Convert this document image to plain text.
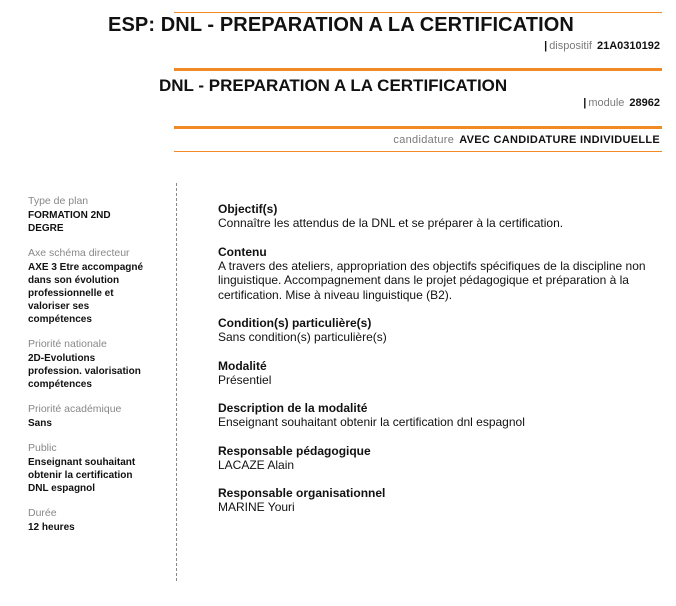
ESP: DNL - PREPARATION A LA CERTIFICATION
| dispositif 21A0310192
DNL - PREPARATION A LA CERTIFICATION
| module 28962
candidature AVEC CANDIDATURE INDIVIDUELLE
Type de plan
FORMATION 2ND DEGRE
Axe schéma directeur
AXE 3 Etre accompagné dans son évolution professionnelle et valoriser ses compétences
Priorité nationale
2D-Evolutions profession. valorisation compétences
Priorité académique
Sans
Public
Enseignant souhaitant obtenir la certification DNL espagnol
Durée
12 heures
Objectif(s)
Connaître les attendus de la DNL et se préparer à la certification.
Contenu
A travers des ateliers, appropriation des objectifs spécifiques de la discipline non linguistique. Accompagnement dans le projet pédagogique et préparation à la certification. Mise à niveau linguistique (B2).
Condition(s) particulière(s)
Sans condition(s) particulière(s)
Modalité
Présentiel
Description de la modalité
Enseignant souhaitant obtenir la certification dnl espagnol
Responsable pédagogique
LACAZE Alain
Responsable organisationnel
MARINE Youri
